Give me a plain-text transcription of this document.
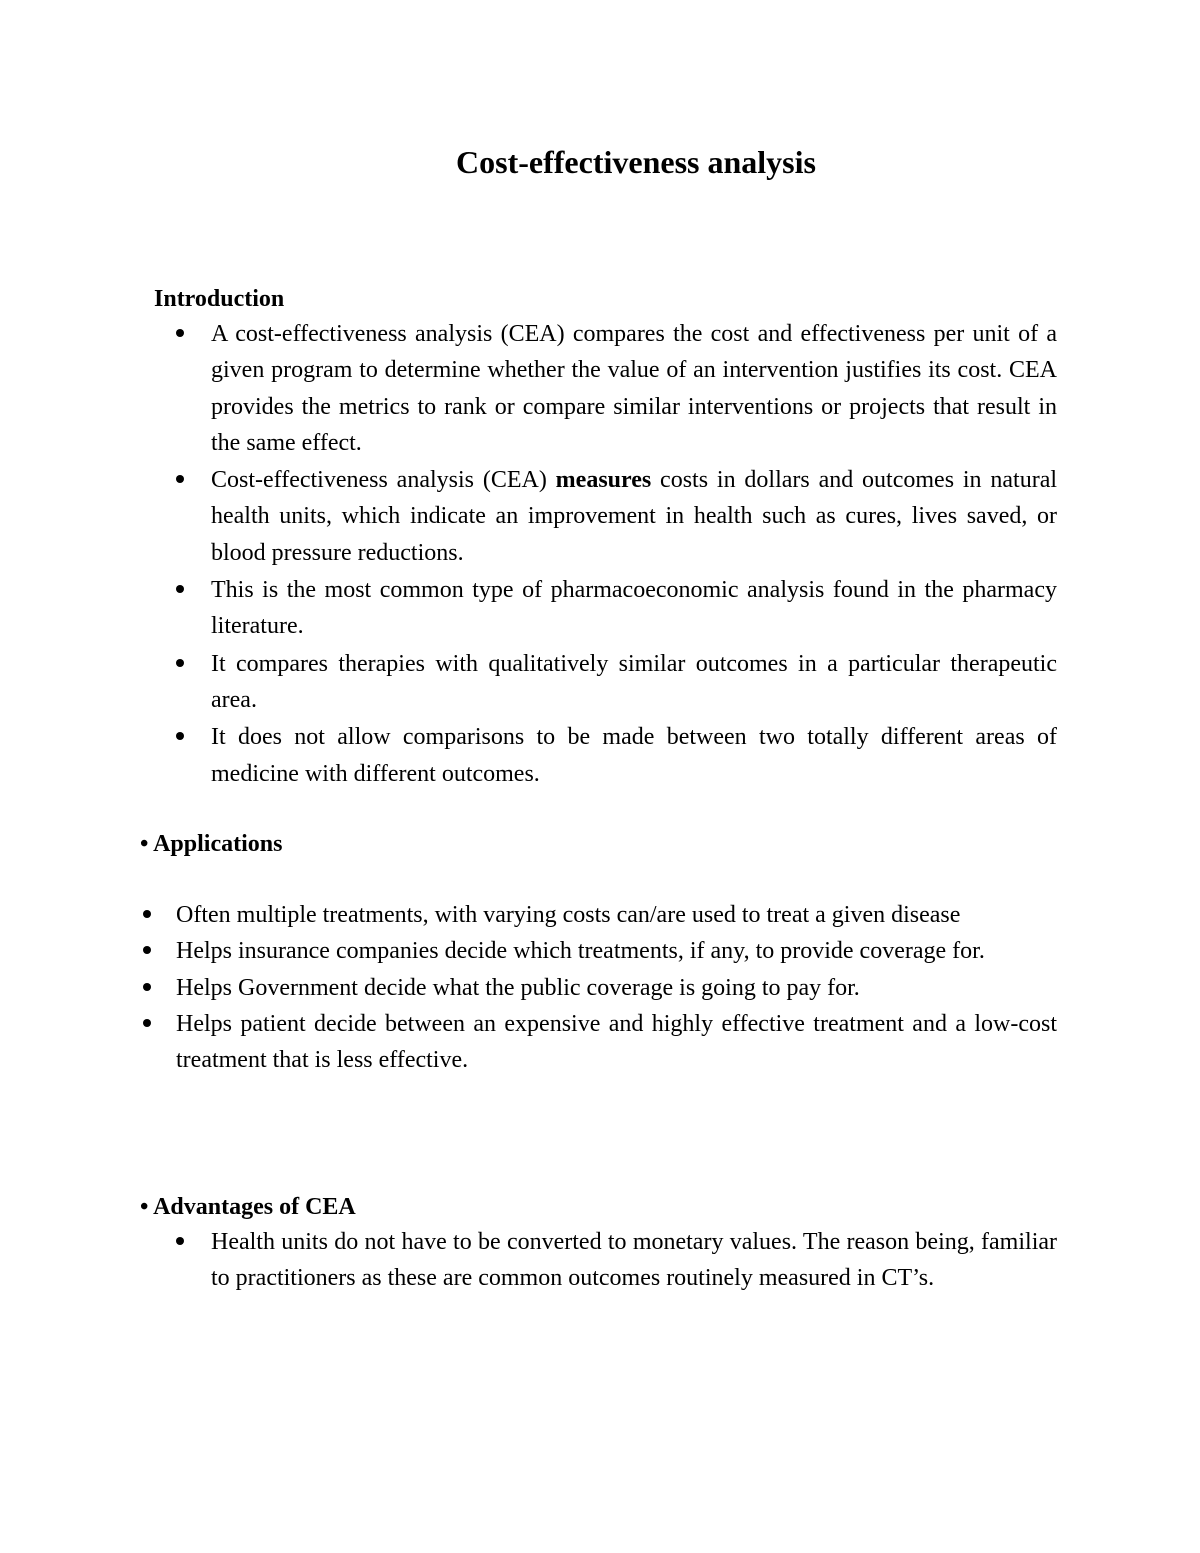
Cost-effectiveness analysis
Introduction
A cost-effectiveness analysis (CEA) compares the cost and effectiveness per unit of a given program to determine whether the value of an intervention justifies its cost. CEA provides the metrics to rank or compare similar interventions or projects that result in the same effect.
Cost-effectiveness analysis (CEA) measures costs in dollars and outcomes in natural health units, which indicate an improvement in health such as cures, lives saved, or blood pressure reductions.
This is the most common type of pharmacoeconomic analysis found in the pharmacy literature.
It compares therapies with qualitatively similar outcomes in a particular therapeutic area.
It does not allow comparisons to be made between two totally different areas of medicine with different outcomes.
• Applications
Often multiple treatments, with varying costs can/are used to treat a given disease
Helps insurance companies decide which treatments, if any, to provide coverage for.
Helps Government decide what the public coverage is going to pay for.
Helps patient decide between an expensive and highly effective treatment and a low-cost treatment that is less effective.
• Advantages of CEA
Health units do not have to be converted to monetary values. The reason being, familiar to practitioners as these are common outcomes routinely measured in CT’s.
